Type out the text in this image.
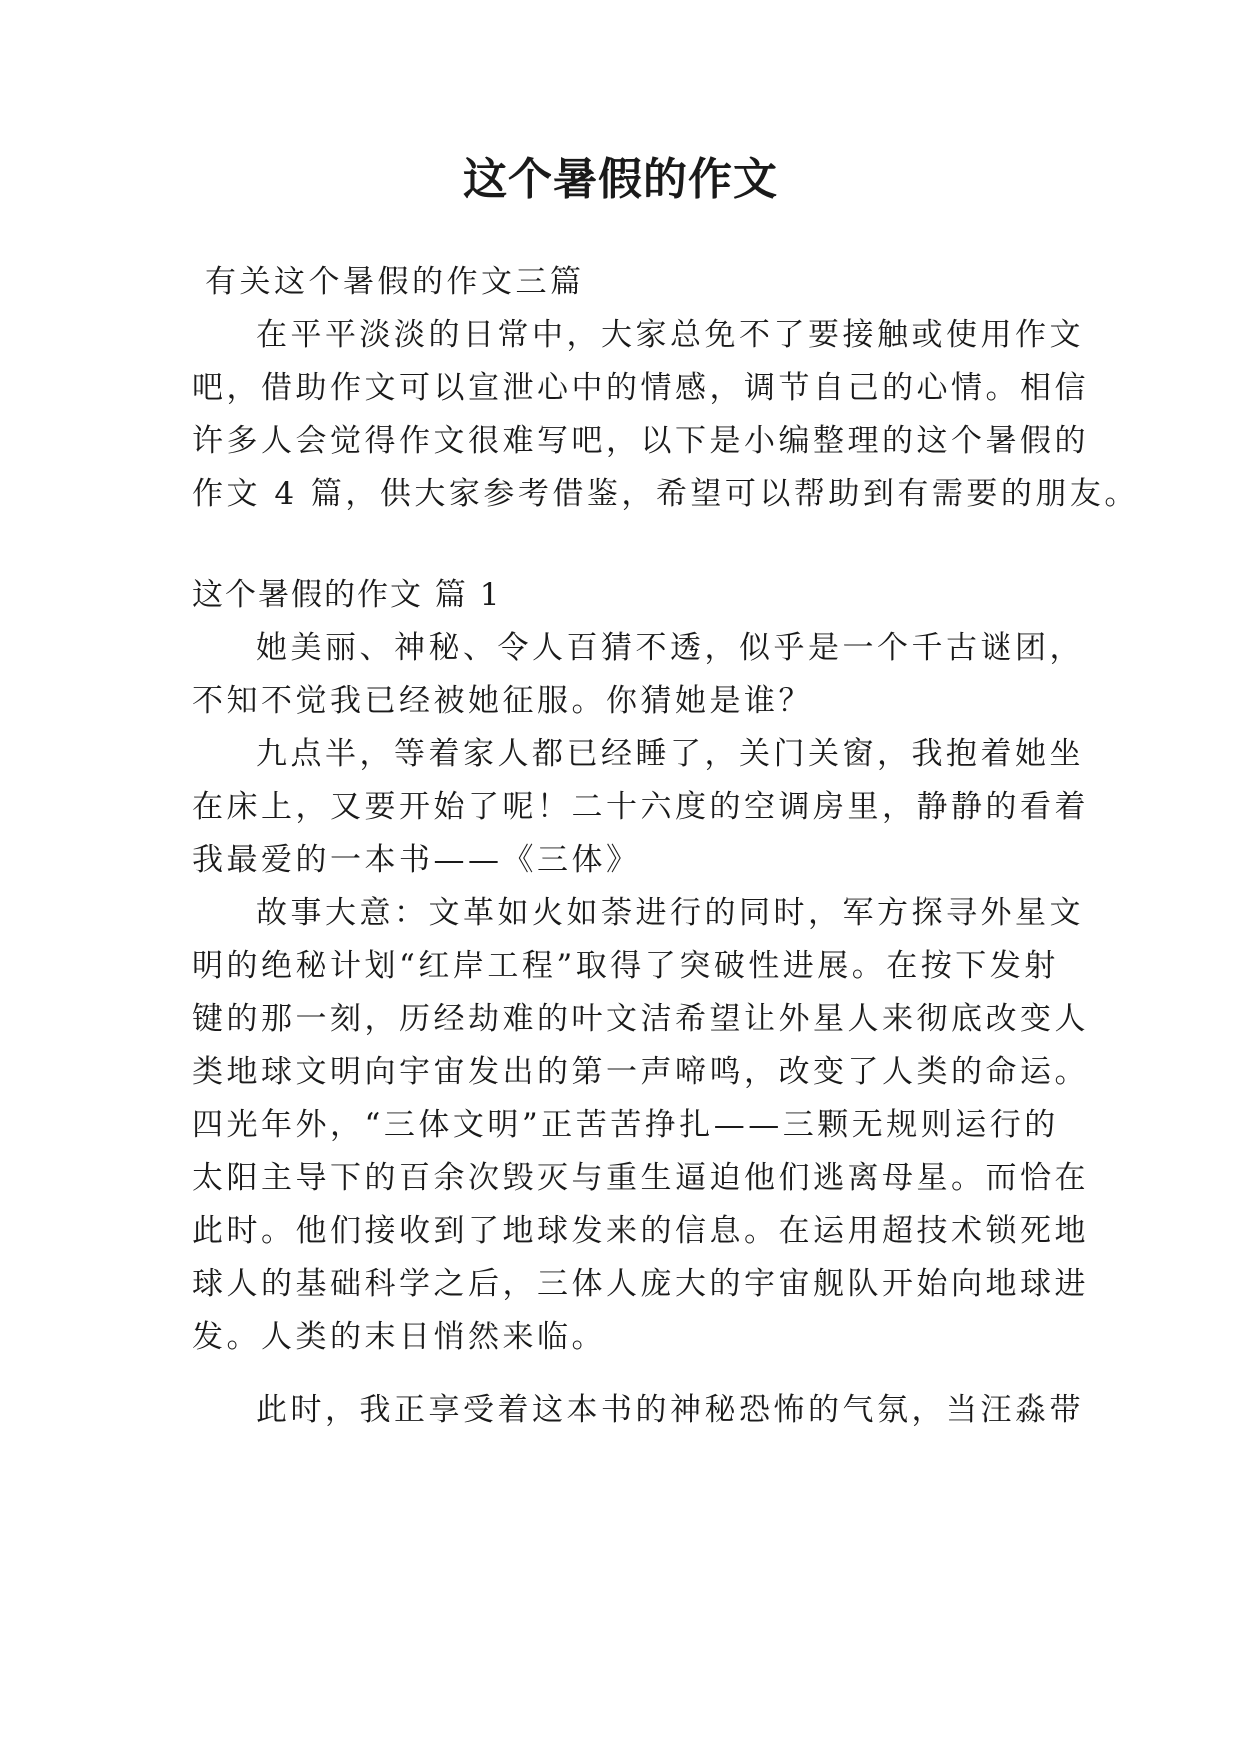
这个暑假的作文

有关这个暑假的作文三篇

在平平淡淡的日常中，大家总免不了要接触或使用作文

吧，借助作文可以宣泄心中的情感，调节自己的心情。相信

许多人会觉得作文很难写吧，以下是小编整理的这个暑假的

作文 4 篇，供大家参考借鉴，希望可以帮助到有需要的朋友。

这个暑假的作文 篇 1

她美丽、神秘、令人百猜不透，似乎是一个千古谜团，

不知不觉我已经被她征服。你猜她是谁？

九点半，等着家人都已经睡了，关门关窗，我抱着她坐

在床上，又要开始了呢！二十六度的空调房里，静静的看着

我最爱的一本书——《三体》

故事大意：文革如火如荼进行的同时，军方探寻外星文

明的绝秘计划“红岸工程”取得了突破性进展。在按下发射

键的那一刻，历经劫难的叶文洁希望让外星人来彻底改变人

类地球文明向宇宙发出的第一声啼鸣，改变了人类的命运。

四光年外，“三体文明”正苦苦挣扎——三颗无规则运行的

太阳主导下的百余次毁灭与重生逼迫他们逃离母星。而恰在

此时。他们接收到了地球发来的信息。在运用超技术锁死地

球人的基础科学之后，三体人庞大的宇宙舰队开始向地球进

发。人类的末日悄然来临。

此时，我正享受着这本书的神秘恐怖的气氛，当汪淼带
